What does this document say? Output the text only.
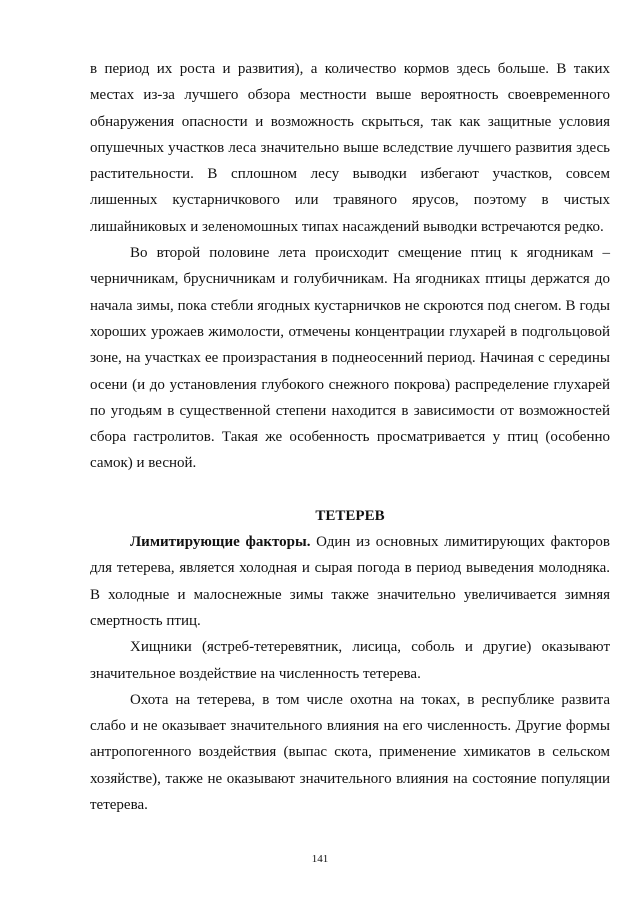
в период их роста и развития), а количество кормов здесь больше. В таких местах из-за лучшего обзора местности выше вероятность своевременного обнаружения опасности и возможность скрыться, так как защитные условия опушечных участков леса значительно выше вследствие лучшего развития здесь растительности. В сплошном лесу выводки избегают участков, совсем лишенных кустарничкового или травяного ярусов, поэтому в чистых лишайниковых и зеленомошных типах насаждений выводки встречаются редко.

Во второй половине лета происходит смещение птиц к ягодникам – черничникам, брусничникам и голубичникам. На ягодниках птицы держатся до начала зимы, пока стебли ягодных кустарничков не скроются под снегом. В годы хороших урожаев жимолости, отмечены концентрации глухарей в подгольцовой зоне, на участках ее произрастания в поднеосенний период. Начиная с середины осени (и до установления глубокого снежного покрова) распределение глухарей по угодьям в существенной степени находится в зависимости от возможностей сбора гастролитов. Такая же особенность просматривается у птиц (особенно самок) и весной.

ТЕТЕРЕВ

Лимитирующие факторы. Один из основных лимитирующих факторов для тетерева, является холодная и сырая погода в период выведения молодняка. В холодные и малоснежные зимы также значительно увеличивается зимняя смертность птиц.

Хищники (ястреб-тетеревятник, лисица, соболь и другие) оказывают значительное воздействие на численность тетерева.

Охота на тетерева, в том числе охотна на токах, в республике развита слабо и не оказывает значительного влияния на его численность. Другие формы антропогенного воздействия (выпас скота, применение химикатов в сельском хозяйстве), также не оказывают значительного влияния на состояние популяции тетерева.

141
